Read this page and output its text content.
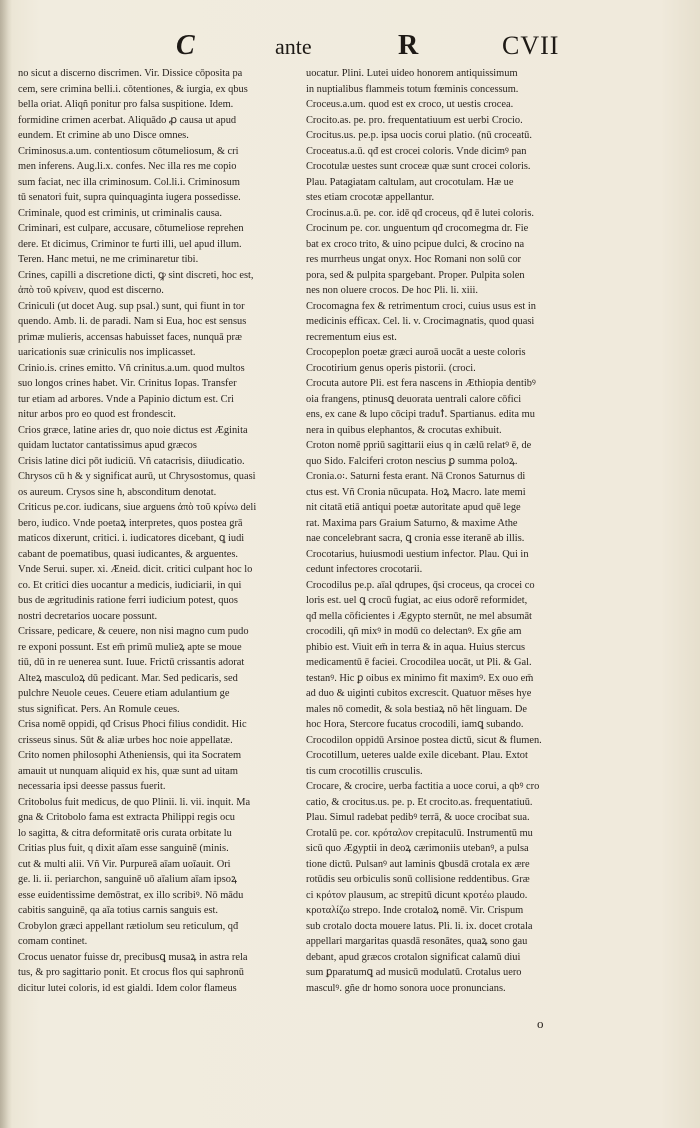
C	ante	R	CVII
no sicut a discerno discrimen. Vir. Dissice cōposita pa
cem, sere crimina belli.i. cōtentiones, & iurgia, ex qbus
bella oriat. Aliqñ ponitur pro falsa suspitione. Idem.
formidine crimen acerbat. Aliquādo ꝓ causa ut apud
eundem. Et crimine ab uno Disce omnes.
Criminosus.a.um. contentiosum cōtumeliosum, & cri
men inferens. Aug.li.x. confes. Nec illa res me copio
sum faciat, nec illa criminosum. Col.li.i. Criminosum
tū senatori fuit, supra quinquaginta iugera possedisse.
Criminale, quod est criminis, ut criminalis causa.
Criminari, est culpare, accusare, cōtumeliose reprehen
dere. Et dicimus, Criminor te furti illi, uel apud illum.
Teren. Hanc metui, ne me criminaretur tibi.
Crines, capilli a discretione dicti, ꝙ sint discreti, hoc est,
ἀπὸ τοῦ κρίνειν, quod est discerno.
Criniculi (ut docet Aug. sup psal.) sunt, qui fiunt in tor
quendo. Amb. li. de paradi. Nam si Eua, hoc est sensus
primæ mulieris, accensas habuisset faces, nunquā præ
uaricationis suæ criniculis nos implicasset.
Crinio.is. crines emitto. Vñ crinitus.a.um. quod multos
suo longos crines habet. Vir. Crinitus Iopas. Transfer
tur etiam ad arbores. Vnde a Papinio dictum est. Cri
nitur arbos pro eo quod est frondescit.
Crios græce, latine aries dr, quo noie dictus est Æginita
quidam luctator cantatissimus apud græcos
Crisis latine dici pōt iudiciū. Vñ catacrisis, diiudicatio.
Chrysos cū h & y significat aurū, ut Chrysostomus, quasi
os aureum. Crysos sine h, absconditum denotat.
Criticus pe.cor. iudicans, siue arguens ἀπὸ τοῦ κρίνω deli
bero, iudico. Vnde poetaꝝ interpretes, quos postea grā
maticos dixerunt, critici. i. iudicatores dicebant, ꝗ iudi
cabant de poematibus, quasi iudicantes, & arguentes.
Vnde Serui. super. xi. Æneid. dicit. critici culpant hoc lo
co. Et critici dies uocantur a medicis, iudiciarii, in qui
bus de ægritudinis ratione ferri iudicium potest, quos
nostri decretarios uocare possunt.
Crissare, pedicare, & ceuere, non nisi magno cum pudo
re exponi possunt. Est em̄ primū mulieꝝ apte se moue
tiū, dū in re uenerea sunt. Iuue. Frictū crissantis adorat
Alteꝝ masculoꝝ dū pedicant. Mar. Sed pedicaris, sed
pulchre Neuole ceues. Ceuere etiam adulantium ge
stus significat. Pers. An Romule ceues.
Crisa nomē oppidi, qđ Crisus Phoci filius condidit. Hic
crisseus sinus. Sūt & aliæ urbes hoc noie appellatæ.
Crito nomen philosophi Atheniensis, qui ita Socratem
amauit ut nunquam aliquid ex his, quæ sunt ad uitam
necessaria ipsi deesse passus fuerit.
Critobolus fuit medicus, de quo Plinii. li. vii. inquit. Ma
gna & Critobolo fama est extracta Philippi regis ocu
lo sagitta, & citra deformitatē oris curata orbitate lu
Critias plus fuit, q dixit aīam esse sanguinē (minis.
cut & multi alii. Vñ Vir. Purpureā aīam uoīauit. Ori
ge. li. ii. periarchon, sanguinē uō aīalium aīam ipsoꝝ
esse euidentissime demōstrat, ex illo scribiꝰ. Nō mādu
cabitis sanguinē, qa aīa totius carnis sanguis est.
Crobylon græci appellant rætiolum seu reticulum, qđ
comam continet.
Crocus uenator fuisse dr, precibusꝗ musaꝝ in astra rela
tus, & pro sagittario ponit. Et crocus flos qui saphronū
dicitur lutei coloris, id est gialdi. Idem color flameus
uocatur. Plini. Lutei uideo honorem antiquissimum
in nuptialibus flammeis totum fœminis concessum.
Croceus.a.um. quod est ex croco, ut uestis crocea.
Crocito.as. pe. pro. frequentatiuum est uerbi Crocio.
Crocitus.us. pe.p. ipsa uocis corui platio. (nū croceatū.
Croceatus.a.ū. qđ est crocei coloris. Vnde dicimꝰ pan
Crocotulæ uestes sunt croceæ quæ sunt crocei coloris.
Plau. Patagiatam caltulam, aut crocotulam. Hæ ue
stes etiam crocotæ appellantur.
Crocinus.a.ū. pe. cor. idē qđ croceus, qđ ē lutei coloris.
Crocinum pe. cor. unguentum qđ crocomegma dr. Fie
bat ex croco trito, & uino pcipue dulci, & crocino na
res murrheus ungat onyx. Hoc Romani non solū cor
pora, sed & pulpita spargebant. Proper. Pulpita solen
nes non oluere crocos. De hoc Pli. li. xiii.
Crocomagna fex & retrimentum croci, cuius usus est in
medicinis efficax. Cel. li. v. Crocimagnatis, quod quasi
recrementum eius est.
Crocopeplon poetæ græci auroā uocāt a ueste coloris
Crocotirium genus operis pistorii. (croci.
Crocuta autore Pli. est fera nascens in Æthiopia dentibꝰ
oia frangens, ptinusꝗ deuorata uentrali calore cōfici
ens, ex cane & lupo cōcipi traduꝉ. Spartianus. edita mu
nera in quibus elephantos, & crocutas exhibuit.
Croton nomē ppriū sagittarii eius q in cælū relatꝰ ē, de
quo Sido. Falciferi croton nescius ꝑ summa poloꝝ.
Cronia.o꞉. Saturni festa erant. Nā Cronos Saturnus di
ctus est. Vñ Cronia nūcupata. Hoꝝ Macro. late memi
nit citatā etiā antiqui poetæ autoritate apud quē lege
rat. Maxima pars Graium Saturno, & maxime Athe
nae concelebrant sacra, ꝗ cronia esse iteranē ab illis.
Crocotarius, huiusmodi uestium infector. Plau. Qui in
cedunt infectores crocotarii.
Crocodilus pe.p. aīal qdrupes, q̄si croceus, qa crocei co
loris est. uel ꝗ crocū fugiat, ac eius odorē reformidet,
qđ mella cōficientes i Ægypto sternūt, ne mel absumāt
crocodili, qñ mixꝰ in modū co delectanꝰ. Ex gñe am
phibio est. Viuit em̄ in terra & in aqua. Huius stercus
medicamentū ē faciei. Crocodilea uocāt, ut Pli. & Gal.
testanꝰ. Hic ꝑ oibus ex minimo fit maximꝰ. Ex ouo em̄
ad duo & uiginti cubitos excrescit. Quatuor mēses hye
males nō comedit, & sola bestiaꝝ nō hēt linguam. De
hoc Hora, Stercore fucatus crocodili, iamꝗ subando.
Crocodilon oppidū Arsinoe postea dictū, sicut & flumen.
Crocotillum, ueteres ualde exile dicebant. Plau. Extot
tis cum crocotillis crusculis.
Crocare, & crocire, uerba factitia a uoce corui, a qbꝰ cro
catio, & crocitus.us. pe. p. Et crocito.as. frequentatiuū.
Plau. Simul radebat pedibꝰ terrā, & uoce crocibat sua.
Crotalū pe. cor. κρόταλον crepitaculū. Instrumentū mu
sicū quo Ægyptii in deoꝝ cærimoniis utebanꝰ, a pulsa
tione dictū. Pulsanꝰ aut laminis ꝗbusdā crotala ex ære
rotūdis seu orbiculis sonū collisione reddentibus. Græ
ci κρότον plausum, ac strepitū dicunt κροτέω plaudo.
κροταλίζω strepo. Inde crotaloꝝ nomē. Vir. Crispum
sub crotalo docta mouere latus. Pli. li. ix. docet crotala
appellari margaritas quasdā resonātes, quaꝝ sono gau
debant, apud græcos crotalon significat calamū diui
sum ꝑparatumꝗ ad musicū modulatū. Crotalus uero
masculꝰ. gñe dr homo sonora uoce pronuncians.
o
